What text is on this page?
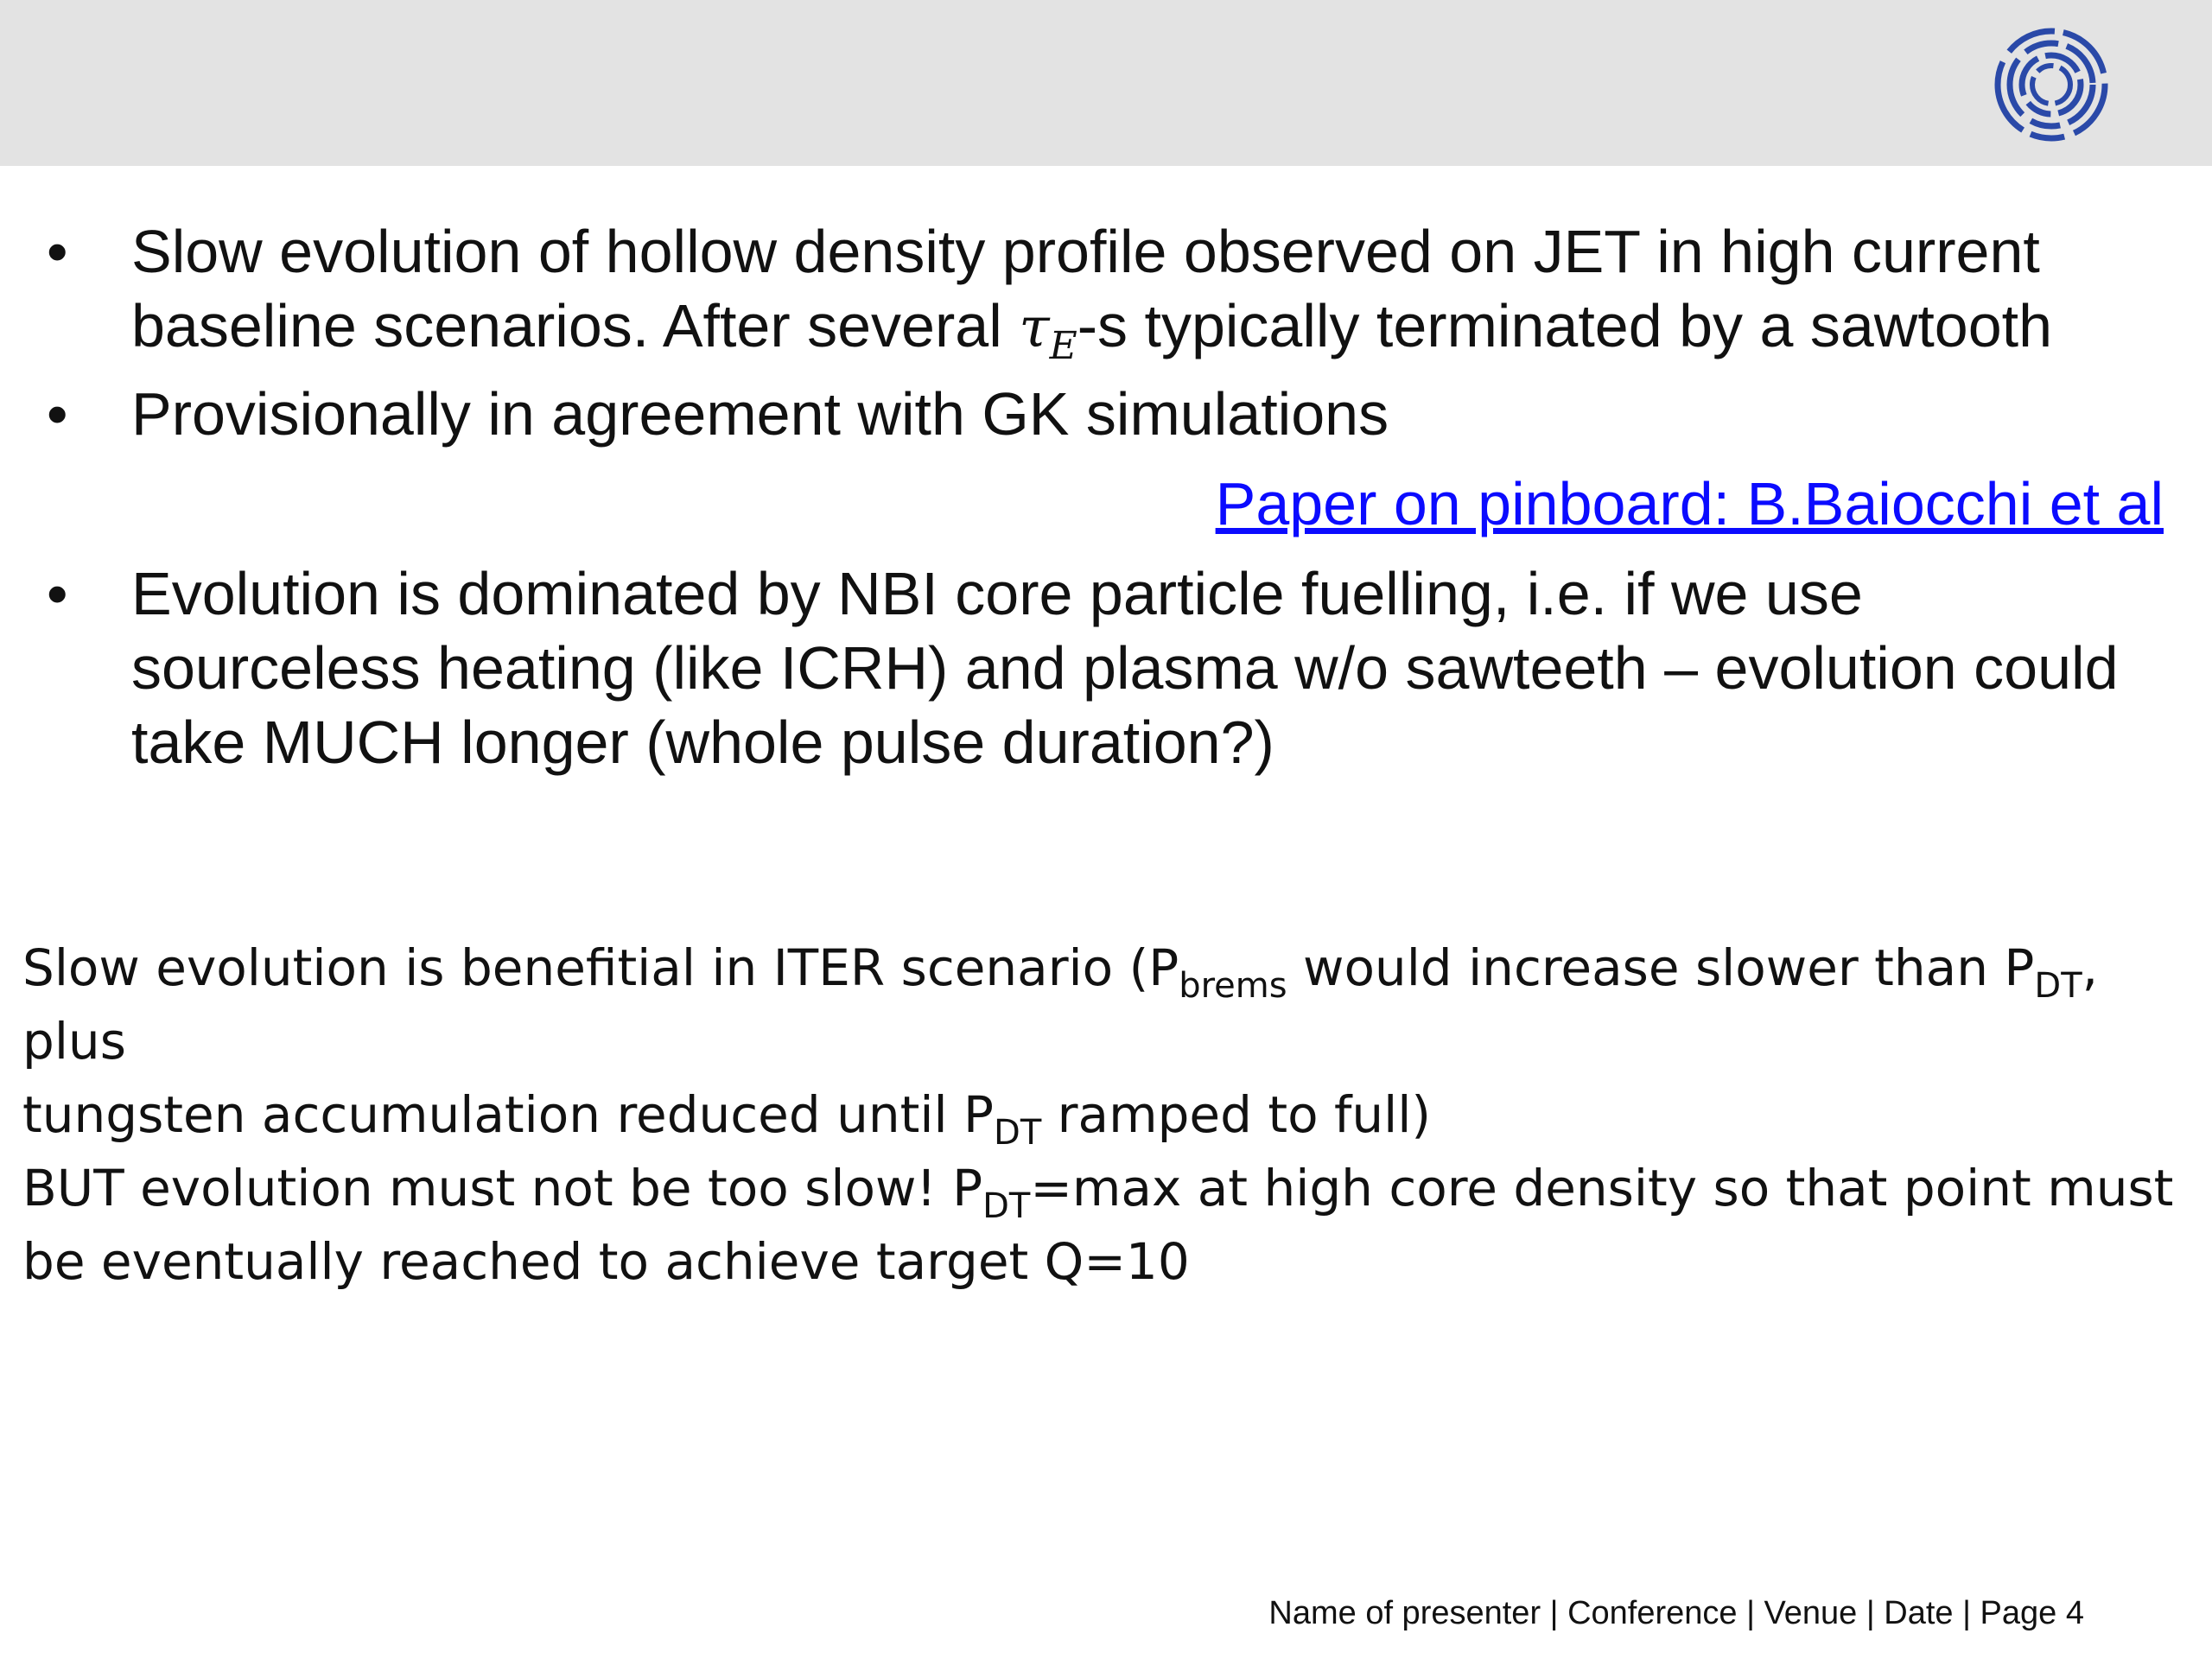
• Slow evolution of hollow density profile observed on JET in high current
baseline scenarios. After several $\tau_E-s$ typically terminated by a sawtooth
• Provisionally in agreement with GK simulations
Paper on pinboard: B.Baiocchi et al
• Evolution is dominated by NBI core particle fuelling, i.e. if we use
sourceless heating (like ICRH) and plasma w/o sawteeth – evolution could
take MUCH longer (whole pulse duration?)
Slow evolution is benefitial in ITER scenario ($P_{brems}$ would increase slower than $P_{DT}$, plus
tungsten accumulation reduced until $P_{DT}$ ramped to full)
BUT evolution must not be too slow! $P_{DT}=\max$ at high core density so that point must
be eventually reached to achieve target Q=10
Name of presenter | Conference | Venue | Date | Page 4
